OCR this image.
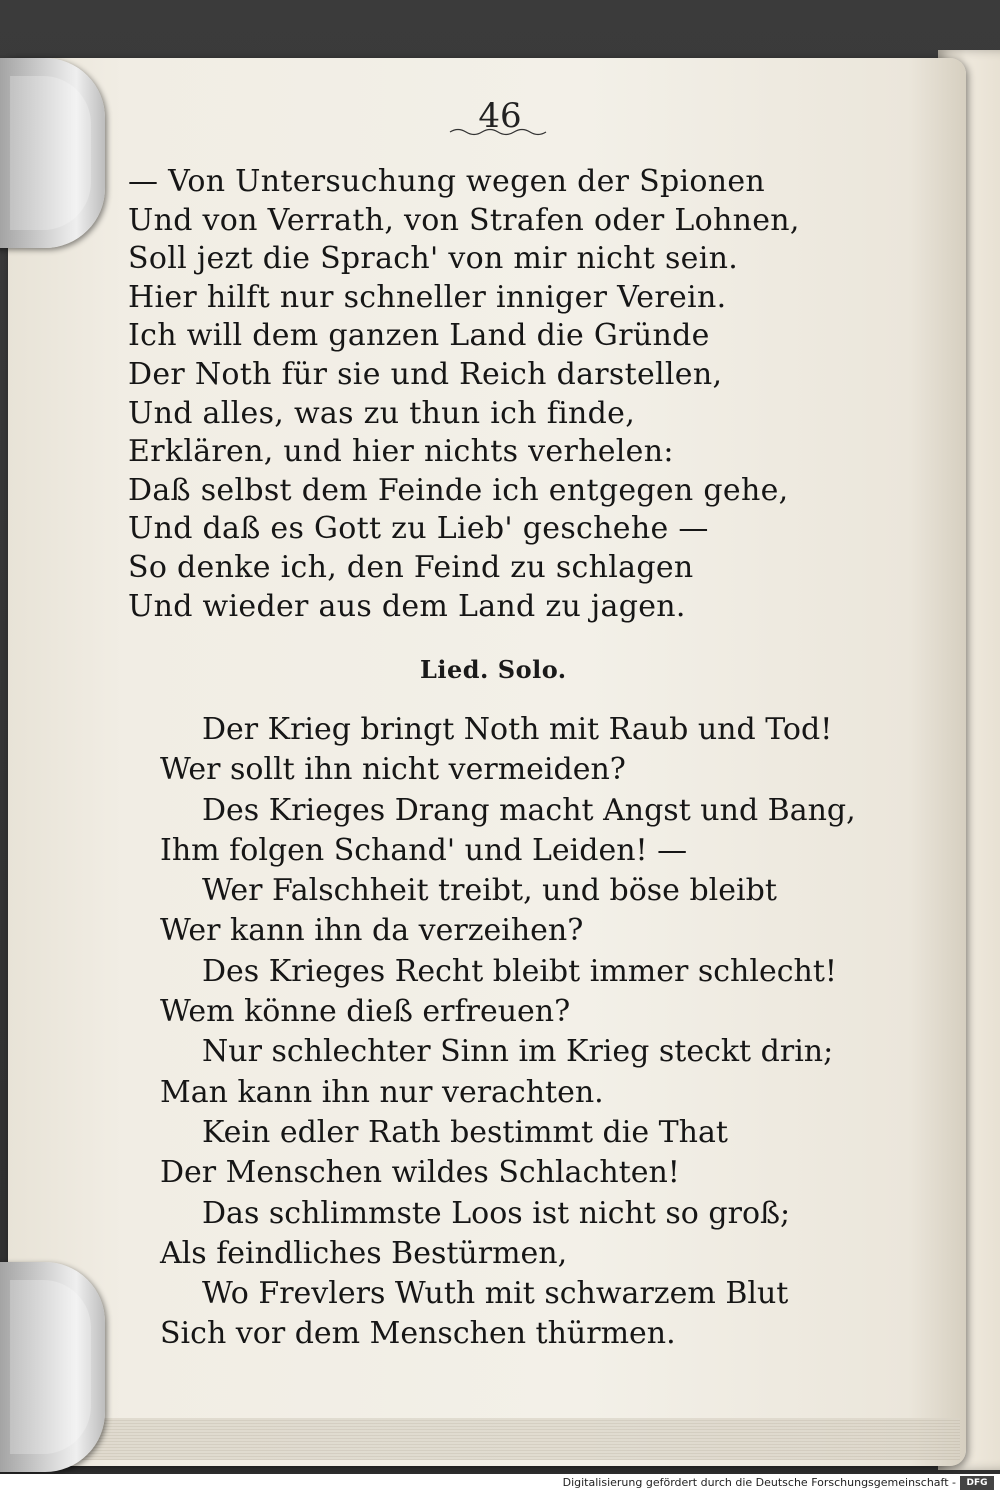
46
— Von Untersuchung wegen der Spionen
Und von Verrath, von Strafen oder Lohnen,
Soll jezt die Sprach' von mir nicht sein.
Hier hilft nur schneller inniger Verein.
Ich will dem ganzen Land die Gründe
Der Noth für sie und Reich darstellen,
Und alles, was zu thun ich finde,
Erklären, und hier nichts verhelen:
Daß selbst dem Feinde ich entgegen gehe,
Und daß es Gott zu Lieb' geschehe —
So denke ich, den Feind zu schlagen
Und wieder aus dem Land zu jagen.
Lied. Solo.
Der Krieg bringt Noth mit Raub und Tod!
Wer sollt ihn nicht vermeiden?
Des Krieges Drang macht Angst und Bang,
Ihm folgen Schand' und Leiden! —
Wer Falschheit treibt, und böse bleibt
Wer kann ihn da verzeihen?
Des Krieges Recht bleibt immer schlecht!
Wem könne dieß erfreuen?
Nur schlechter Sinn im Krieg steckt drin;
Man kann ihn nur verachten.
Kein edler Rath bestimmt die That
Der Menschen wildes Schlachten!
Das schlimmste Loos ist nicht so groß;
Als feindliches Bestürmen,
Wo Frevlers Wuth mit schwarzem Blut
Sich vor dem Menschen thürmen.
Digitalisierung gefördert durch die Deutsche Forschungsgemeinschaft -	DFG
